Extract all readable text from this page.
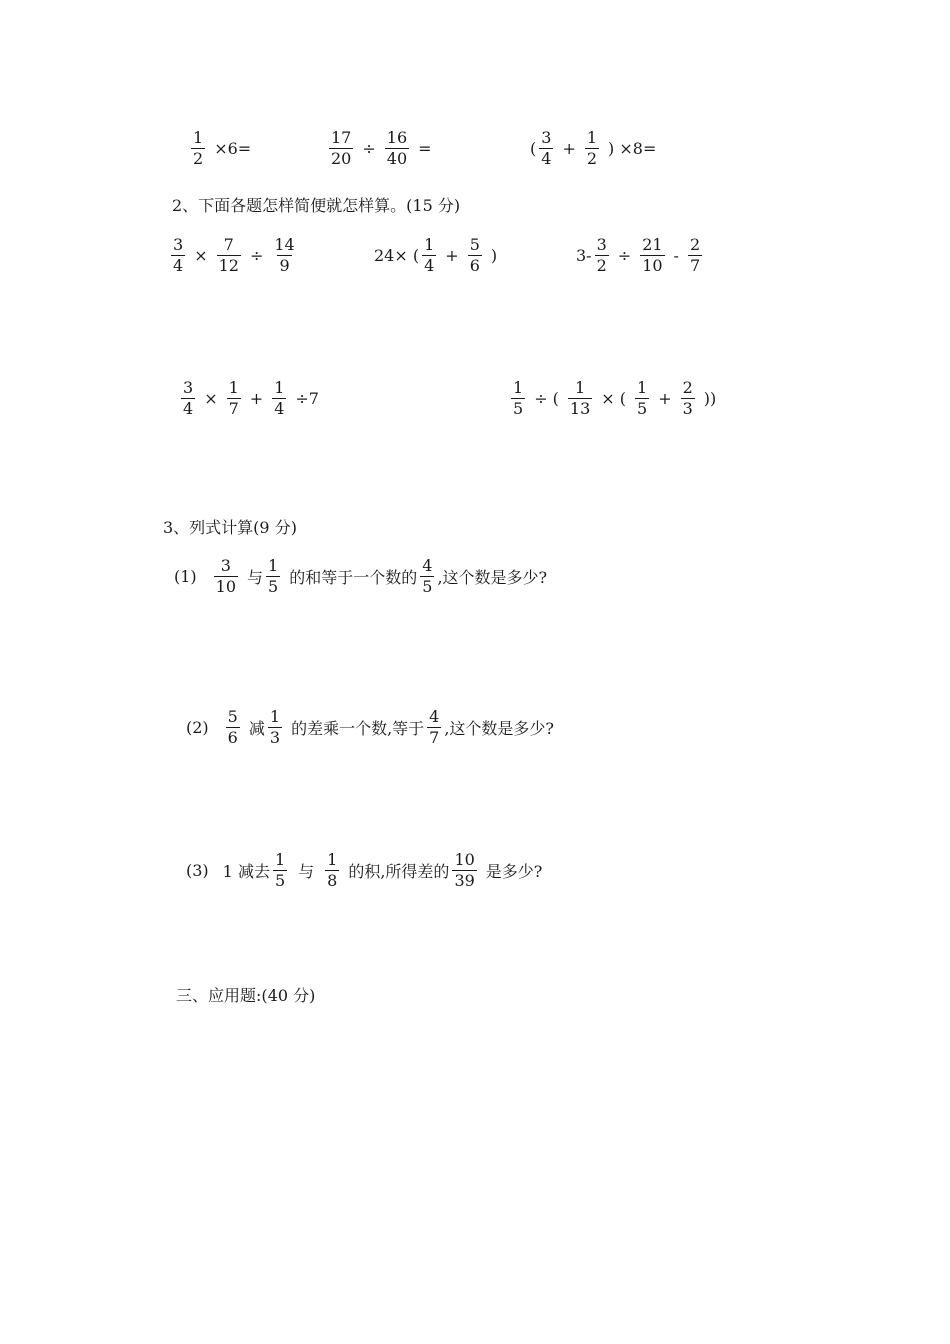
$\frac{1}{2} \times 6=$	$\frac{17}{20} \div \frac{16}{40}$ =	( $\frac{3}{4} + \frac{1}{2}$ ) ×8=
2、下面各题怎样简便就怎样算。(15 分)
$\frac{3}{4} \times \frac{7}{12} \div \frac{14}{9}$	24× ( $\frac{1}{4} + \frac{5}{6}$ )	$3- \frac{3}{2} \div \frac{21}{10} - \frac{2}{7}$
$\frac{3}{4} \times \frac{1}{7} + \frac{1}{4} \div 7$	$\frac{1}{5}$ ÷ ( $\frac{1}{13}$ × ( $\frac{1}{5} + \frac{2}{3}$ ))
3、列式计算(9 分)
$(1) \frac{3}{10}$ 与 $\frac{1}{5}$ 的和等于一个数的 $\frac{4}{5}$ ,这个数是多少?
$(2) \frac{5}{6}$ 减 $\frac{1}{3}$ 的差乘一个数,等于 $\frac{4}{7}$ ,这个数是多少?
(3) 1 减去 $\frac{1}{5}$ 与 $\frac{1}{8}$ 的积,所得差的 $\frac{10}{39}$ 是多少?
三、应用题:(40 分)
